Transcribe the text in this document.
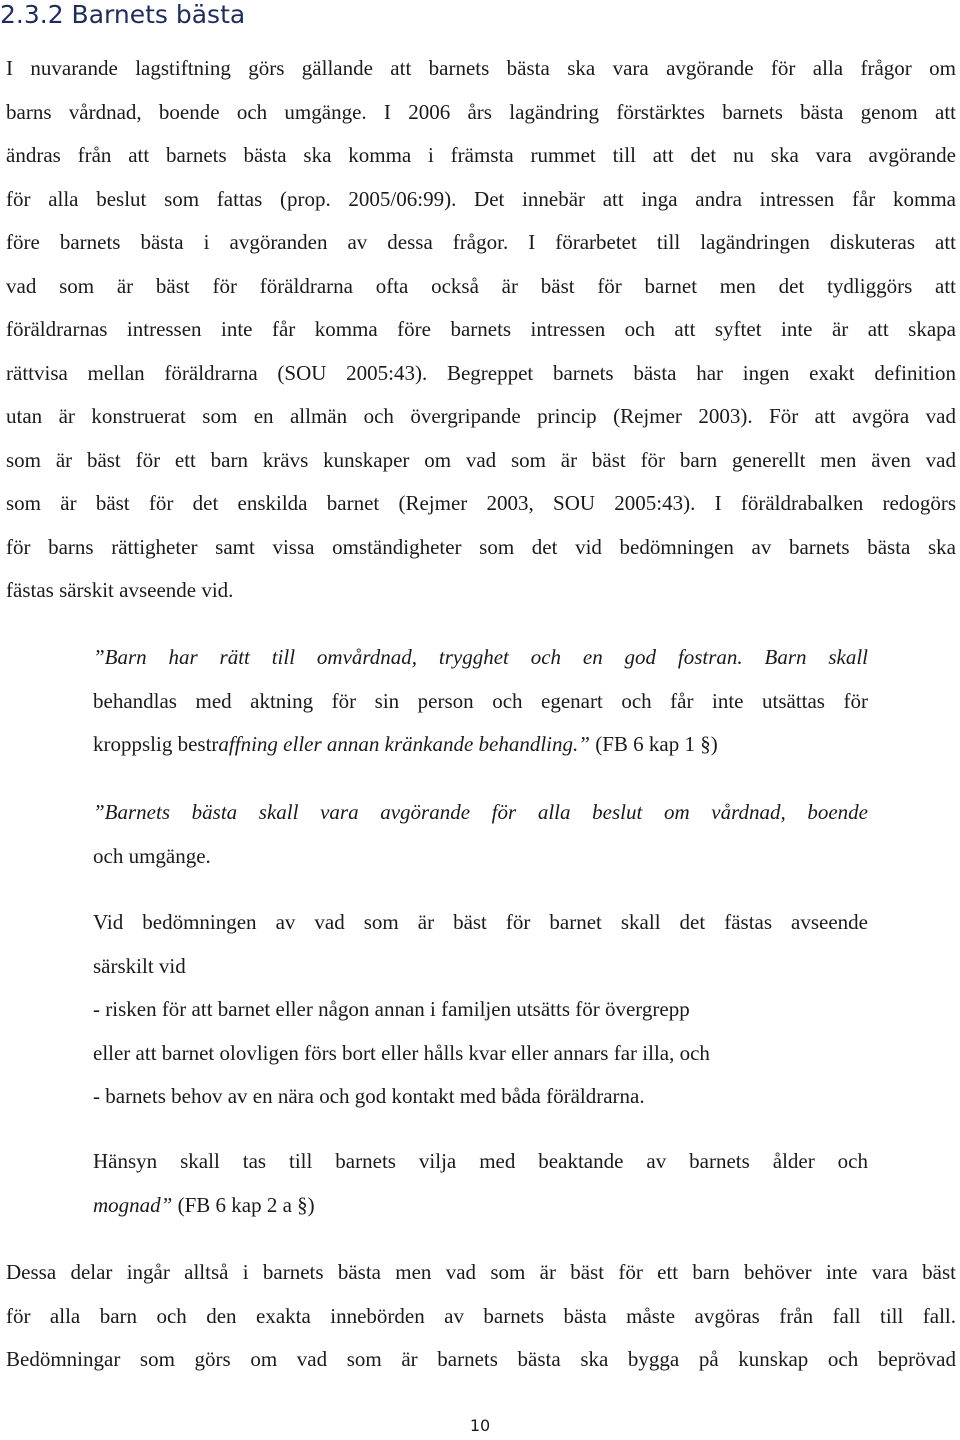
2.3.2 Barnets bästa
I nuvarande lagstiftning görs gällande att barnets bästa ska vara avgörande för alla frågor om
barns vårdnad, boende och umgänge. I 2006 års lagändring förstärktes barnets bästa genom att
ändras från att barnets bästa ska komma i främsta rummet till att det nu ska vara avgörande
för alla beslut som fattas (prop. 2005/06:99). Det innebär att inga andra intressen får komma
före barnets bästa i avgöranden av dessa frågor. I förarbetet till lagändringen diskuteras att
vad som är bäst för föräldrarna ofta också är bäst för barnet men det tydliggörs att
föräldrarnas intressen inte får komma före barnets intressen och att syftet inte är att skapa
rättvisa mellan föräldrarna (SOU 2005:43). Begreppet barnets bästa har ingen exakt definition
utan är konstruerat som en allmän och övergripande princip (Rejmer 2003). För att avgöra vad
som är bäst för ett barn krävs kunskaper om vad som är bäst för barn generellt men även vad
som är bäst för det enskilda barnet (Rejmer 2003, SOU 2005:43). I föräldrabalken redogörs
för barns rättigheter samt vissa omständigheter som det vid bedömningen av barnets bästa ska
fästas särskit avseende vid.
”Barn har rätt till omvårdnad, trygghet och en god fostran. Barn skall
behandlas med aktning för sin person och egenart och får inte utsättas för
kroppslig bestraffning eller annan kränkande behandling.” (FB 6 kap 1 §)
”Barnets bästa skall vara avgörande för alla beslut om vårdnad, boende
och umgänge.
Vid bedömningen av vad som är bäst för barnet skall det fästas avseende
särskilt vid
- risken för att barnet eller någon annan i familjen utsätts för övergrepp
eller att barnet olovligen förs bort eller hålls kvar eller annars far illa, och
- barnets behov av en nära och god kontakt med båda föräldrarna.
Hänsyn skall tas till barnets vilja med beaktande av barnets ålder och
mognad” (FB 6 kap 2 a §)
Dessa delar ingår alltså i barnets bästa men vad som är bäst för ett barn behöver inte vara bäst
för alla barn och den exakta innebörden av barnets bästa måste avgöras från fall till fall.
Bedömningar som görs om vad som är barnets bästa ska bygga på kunskap och beprövad
10
